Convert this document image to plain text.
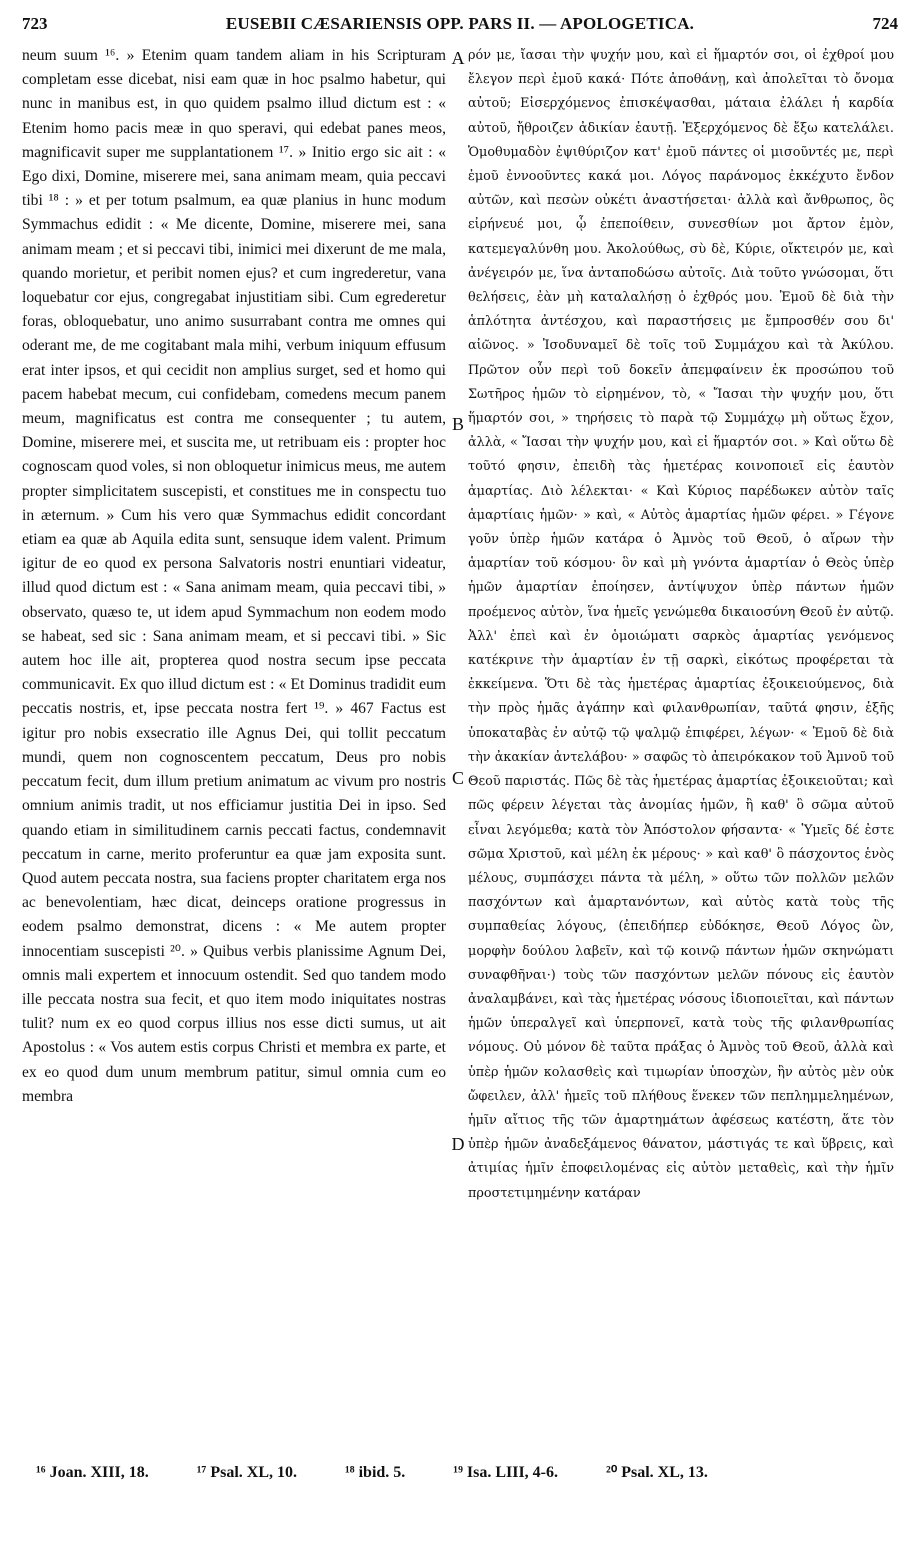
723	EUSEBII CÆSARIENSIS OPP. PARS II. — APOLOGETICA.	724

neum suum ¹⁶. » Etenim quam tandem aliam in his Scripturam completam esse dicebat, nisi eam quæ in hoc psalmo habetur, qui nunc in manibus est, in quo quidem psalmo illud dictum est : « Etenim homo pacis meæ in quo speravi, qui edebat panes meos, magnificavit super me supplantationem ¹⁷. » Initio ergo sic ait : « Ego dixi, Domine, miserere mei, sana animam meam, quia peccavi tibi ¹⁸ : » et per totum psalmum, ea quæ planius in hunc modum Symmachus edidit : « Me dicente, Domine, miserere mei, sana animam meam ; et si peccavi tibi, inimici mei dixerunt de me mala, quando morietur, et peribit nomen ejus? et cum ingrederetur, vana loquebatur cor ejus, congregabat injustitiam sibi. Cum egrederetur foras, obloquebatur, uno animo susurrabant contra me omnes qui oderant me, de me cogitabant mala mihi, verbum iniquum effusum erat inter ipsos, et qui cecidit non amplius surget, sed et homo qui pacem habebat mecum, cui confidebam, comedens mecum panem meum, magnificatus est contra me consequenter ; tu autem, Domine, miserere mei, et suscita me, ut retribuam eis : propter hoc cognoscam quod voles, si non obloquetur inimicus meus, me autem propter simplicitatem suscepisti, et constitues me in conspectu tuo in æternum. » Cum his vero quæ Symmachus edidit concordant etiam ea quæ ab Aquila edita sunt, sensuque idem valent. Primum igitur de eo quod ex persona Salvatoris nostri enuntiari videatur, illud quod dictum est : « Sana animam meam, quia peccavi tibi, » observato, quæso te, ut idem apud Symmachum non eodem modo se habeat, sed sic : Sana animam meam, et si peccavi tibi. » Sic autem hoc ille ait, propterea quod nostra secum ipse peccata communicavit. Ex quo illud dictum est : « Et Dominus tradidit eum peccatis nostris, et, ipse peccata nostra fert ¹⁹. » 467 Factus est igitur pro nobis exsecratio ille Agnus Dei, qui tollit peccatum mundi, quem non cognoscentem peccatum, Deus pro nobis peccatum fecit, dum illum pretium animatum ac vivum pro nostris omnium animis tradit, ut nos efficiamur justitia Dei in ipso. Sed quando etiam in similitudinem carnis peccati factus, condemnavit peccatum in carne, merito proferuntur ea quæ jam exposita sunt. Quod autem peccata nostra, sua faciens propter charitatem erga nos ac benevolentiam, hæc dicat, deinceps oratione progressus in eodem psalmo demonstrat, dicens : « Me autem propter innocentiam suscepisti ²⁰. » Quibus verbis planissime Agnum Dei, omnis mali expertem et innocuum ostendit. Sed quo tandem modo ille peccata nostra sua fecit, et quo item modo iniquitates nostras tulit? num ex eo quod corpus illius nos esse dicti sumus, ut ait Apostolus : « Vos autem estis corpus Christi et membra ex parte, et ex eo quod dum unum membrum patitur, simul omnia cum eo membra

A
B
C
D

ρόν με, ἴασαι τὴν ψυχήν μου, καὶ εἰ ἥμαρτόν σοι, οἱ ἐχθροί μου ἔλεγον περὶ ἐμοῦ κακά· Πότε ἀποθάνῃ, καὶ ἀπολεῖται τὸ ὄνομα αὐτοῦ; Εἰσερχόμενος ἐπισκέψασθαι, μάταια ἐλάλει ἡ καρδία αὐτοῦ, ἤθροιζεν ἀδικίαν ἑαυτῇ. Ἐξερχόμενος δὲ ἔξω κατελάλει. Ὁμοθυμαδὸν ἐψιθύριζον κατ' ἐμοῦ πάντες οἱ μισοῦντές με, περὶ ἐμοῦ ἐννοοῦντες κακά μοι. Λόγος παράνομος ἐκκέχυτο ἔνδον αὐτῶν, καὶ πεσὼν οὐκέτι ἀναστήσεται· ἀλλὰ καὶ ἄνθρωπος, ὃς εἰρήνευέ μοι, ᾧ ἐπεποίθειν, συνεσθίων μοι ἄρτον ἐμὸν, κατεμεγαλύνθη μου. Ἀκολούθως, σὺ δὲ, Κύριε, οἴκτειρόν με, καὶ ἀνέγειρόν με, ἵνα ἀνταποδώσω αὐτοῖς. Διὰ τοῦτο γνώσομαι, ὅτι θελήσεις, ἐὰν μὴ καταλαλήσῃ ὁ ἐχθρός μου. Ἐμοῦ δὲ διὰ τὴν ἁπλότητα ἀντέσχου, καὶ παραστήσεις με ἔμπροσθέν σου δι' αἰῶνος. » Ἰσοδυναμεῖ δὲ τοῖς τοῦ Συμμάχου καὶ τὰ Ἀκύλου. Πρῶτον οὖν περὶ τοῦ δοκεῖν ἀπεμφαίνειν ἐκ προσώπου τοῦ Σωτῆρος ἡμῶν τὸ εἰρημένον, τὸ, « Ἴασαι τὴν ψυχήν μου, ὅτι ἥμαρτόν σοι, » τηρήσεις τὸ παρὰ τῷ Συμμάχῳ μὴ οὕτως ἔχον, ἀλλὰ, « Ἴασαι τὴν ψυχήν μου, καὶ εἰ ἥμαρτόν σοι. » Καὶ οὕτω δὲ τοῦτό φησιν, ἐπειδὴ τὰς ἡμετέρας κοινοποιεῖ εἰς ἑαυτὸν ἁμαρτίας. Διὸ λέλεκται· « Καὶ Κύριος παρέδωκεν αὐτὸν ταῖς ἁμαρτίαις ἡμῶν· » καὶ, « Αὐτὸς ἁμαρτίας ἡμῶν φέρει. » Γέγονε γοῦν ὑπὲρ ἡμῶν κατάρα ὁ Ἀμνὸς τοῦ Θεοῦ, ὁ αἴρων τὴν ἁμαρτίαν τοῦ κόσμου· ὃν καὶ μὴ γνόντα ἁμαρτίαν ὁ Θεὸς ὑπὲρ ἡμῶν ἁμαρτίαν ἐποίησεν, ἀντίψυχον ὑπὲρ πάντων ἡμῶν προέμενος αὐτὸν, ἵνα ἡμεῖς γενώμεθα δικαιοσύνη Θεοῦ ἐν αὐτῷ. Ἀλλ' ἐπεὶ καὶ ἐν ὁμοιώματι σαρκὸς ἁμαρτίας γενόμενος κατέκρινε τὴν ἁμαρτίαν ἐν τῇ σαρκὶ, εἰκότως προφέρεται τὰ ἐκκείμενα. Ὅτι δὲ τὰς ἡμετέρας ἁμαρτίας ἐξοικειούμενος, διὰ τὴν πρὸς ἡμᾶς ἀγάπην καὶ φιλανθρωπίαν, ταῦτά φησιν, ἑξῆς ὑποκαταβὰς ἐν αὐτῷ τῷ ψαλμῷ ἐπιφέρει, λέγων· « Ἐμοῦ δὲ διὰ τὴν ἀκακίαν ἀντελάβου· » σαφῶς τὸ ἀπειρόκακον τοῦ Ἀμνοῦ τοῦ Θεοῦ παριστάς. Πῶς δὲ τὰς ἡμετέρας ἁμαρτίας ἐξοικειοῦται; καὶ πῶς φέρειν λέγεται τὰς ἀνομίας ἡμῶν, ἢ καθ' ὃ σῶμα αὐτοῦ εἶναι λεγόμεθα; κατὰ τὸν Ἀπόστολον φήσαντα· « Ὑμεῖς δέ ἐστε σῶμα Χριστοῦ, καὶ μέλη ἐκ μέρους· » καὶ καθ' ὃ πάσχοντος ἑνὸς μέλους, συμπάσχει πάντα τὰ μέλη, » οὕτω τῶν πολλῶν μελῶν πασχόντων καὶ ἁμαρτανόντων, καὶ αὐτὸς κατὰ τοὺς τῆς συμπαθείας λόγους, (ἐπειδήπερ εὐδόκησε, Θεοῦ Λόγος ὢν, μορφὴν δούλου λαβεῖν, καὶ τῷ κοινῷ πάντων ἡμῶν σκηνώματι συναφθῆναι·) τοὺς τῶν πασχόντων μελῶν πόνους εἰς ἑαυτὸν ἀναλαμβάνει, καὶ τὰς ἡμετέρας νόσους ἰδιοποιεῖται, καὶ πάντων ἡμῶν ὑπεραλγεῖ καὶ ὑπερπονεῖ, κατὰ τοὺς τῆς φιλανθρωπίας νόμους. Οὐ μόνον δὲ ταῦτα πράξας ὁ Ἀμνὸς τοῦ Θεοῦ, ἀλλὰ καὶ ὑπὲρ ἡμῶν κολασθεὶς καὶ τιμωρίαν ὑποσχὼν, ἣν αὐτὸς μὲν οὐκ ὤφειλεν, ἀλλ' ἡμεῖς τοῦ πλήθους ἕνεκεν τῶν πεπλημμελημένων, ἡμῖν αἴτιος τῆς τῶν ἁμαρτημάτων ἀφέσεως κατέστη, ἅτε τὸν ὑπὲρ ἡμῶν ἀναδεξάμενος θάνατον, μάστιγάς τε καὶ ὕβρεις, καὶ ἀτιμίας ἡμῖν ἐποφειλομένας εἰς αὐτὸν μεταθεὶς, καὶ τὴν ἡμῖν προστετιμημένην κατάραν

¹⁶ Joan. XIII, 18.	¹⁷ Psal. XL, 10.	¹⁸ ibid. 5.	¹⁹ Isa. LIII, 4-6.	²⁰ Psal. XL, 13.
